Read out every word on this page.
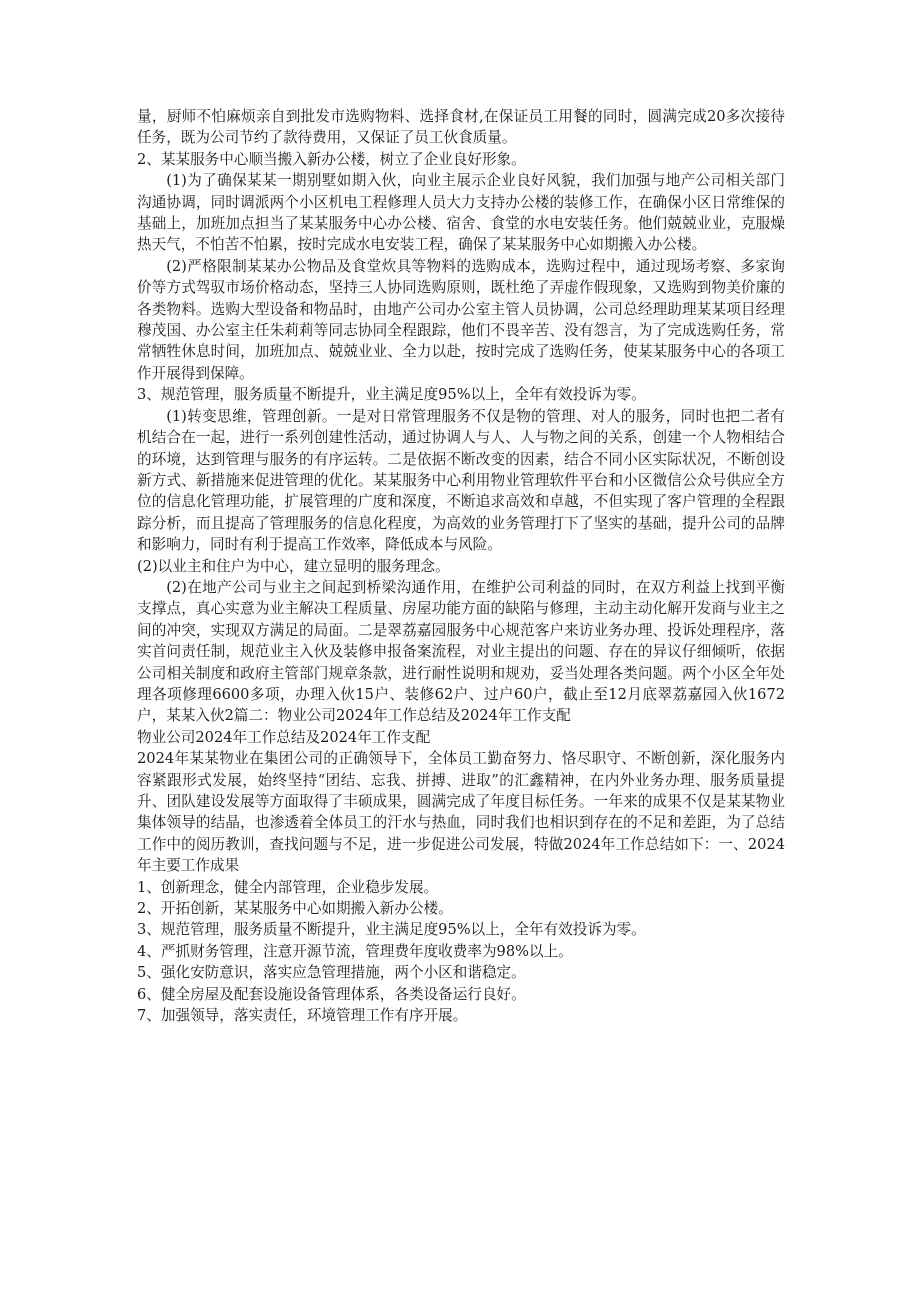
量，厨师不怕麻烦亲自到批发市选购物料、选择食材,在保证员工用餐的同时，圆满完成20多次接待任务，既为公司节约了款待费用，又保证了员工伙食质量。

2、某某服务中心顺当搬入新办公楼，树立了企业良好形象。

(1)为了确保某某一期别墅如期入伙，向业主展示企业良好风貌，我们加强与地产公司相关部门沟通协调，同时调派两个小区机电工程修理人员大力支持办公楼的装修工作，在确保小区日常维保的基础上，加班加点担当了某某服务中心办公楼、宿舍、食堂的水电安装任务。他们兢兢业业，克服燥热天气，不怕苦不怕累，按时完成水电安装工程，确保了某某服务中心如期搬入办公楼。

(2)严格限制某某办公物品及食堂炊具等物料的选购成本，选购过程中，通过现场考察、多家询价等方式驾驭市场价格动态，坚持三人协同选购原则，既杜绝了弄虚作假现象，又选购到物美价廉的各类物料。选购大型设备和物品时，由地产公司办公室主管人员协调，公司总经理助理某某项目经理穆茂国、办公室主任朱莉莉等同志协同全程跟踪，他们不畏辛苦、没有怨言，为了完成选购任务，常常牺牲休息时间，加班加点、兢兢业业、全力以赴，按时完成了选购任务，使某某服务中心的各项工作开展得到保障。

3、规范管理，服务质量不断提升，业主满足度95%以上，全年有效投诉为零。

(1)转变思维，管理创新。一是对日常管理服务不仅是物的管理、对人的服务，同时也把二者有机结合在一起，进行一系列创建性活动，通过协调人与人、人与物之间的关系，创建一个人物相结合的环境，达到管理与服务的有序运转。二是依据不断改变的因素，结合不同小区实际状况，不断创设新方式、新措施来促进管理的优化。某某服务中心利用物业管理软件平台和小区微信公众号供应全方位的信息化管理功能，扩展管理的广度和深度，不断追求高效和卓越，不但实现了客户管理的全程跟踪分析，而且提高了管理服务的信息化程度，为高效的业务管理打下了坚实的基础，提升公司的品牌和影响力，同时有利于提高工作效率，降低成本与风险。

(2)以业主和住户为中心，建立显明的服务理念。

(2)在地产公司与业主之间起到桥梁沟通作用，在维护公司利益的同时，在双方利益上找到平衡支撑点，真心实意为业主解决工程质量、房屋功能方面的缺陷与修理，主动主动化解开发商与业主之间的冲突，实现双方满足的局面。二是翠荔嘉园服务中心规范客户来访业务办理、投诉处理程序，落实首问责任制，规范业主入伙及装修申报备案流程，对业主提出的问题、存在的异议仔细倾听，依据公司相关制度和政府主管部门规章条款，进行耐性说明和规劝，妥当处理各类问题。两个小区全年处理各项修理6600多项，办理入伙15户、装修62户、过户60户，截止至12月底翠荔嘉园入伙1672户，某某入伙2篇二：物业公司2024年工作总结及2024年工作支配

物业公司2024年工作总结及2024年工作支配

2024年某某物业在集团公司的正确领导下，全体员工勤奋努力、恪尽职守、不断创新，深化服务内容紧跟形式发展，始终坚持“团结、忘我、拼搏、进取”的汇鑫精神，在内外业务办理、服务质量提升、团队建设发展等方面取得了丰硕成果，圆满完成了年度目标任务。一年来的成果不仅是某某物业集体领导的结晶，也渗透着全体员工的汗水与热血，同时我们也相识到存在的不足和差距，为了总结工作中的阅历教训，查找问题与不足，进一步促进公司发展，特做2024年工作总结如下：一、2024年主要工作成果

1、创新理念，健全内部管理，企业稳步发展。

2、开拓创新，某某服务中心如期搬入新办公楼。

3、规范管理，服务质量不断提升，业主满足度95%以上，全年有效投诉为零。

4、严抓财务管理，注意开源节流，管理费年度收费率为98%以上。

5、强化安防意识，落实应急管理措施，两个小区和谐稳定。

6、健全房屋及配套设施设备管理体系，各类设备运行良好。

7、加强领导，落实责任，环境管理工作有序开展。
